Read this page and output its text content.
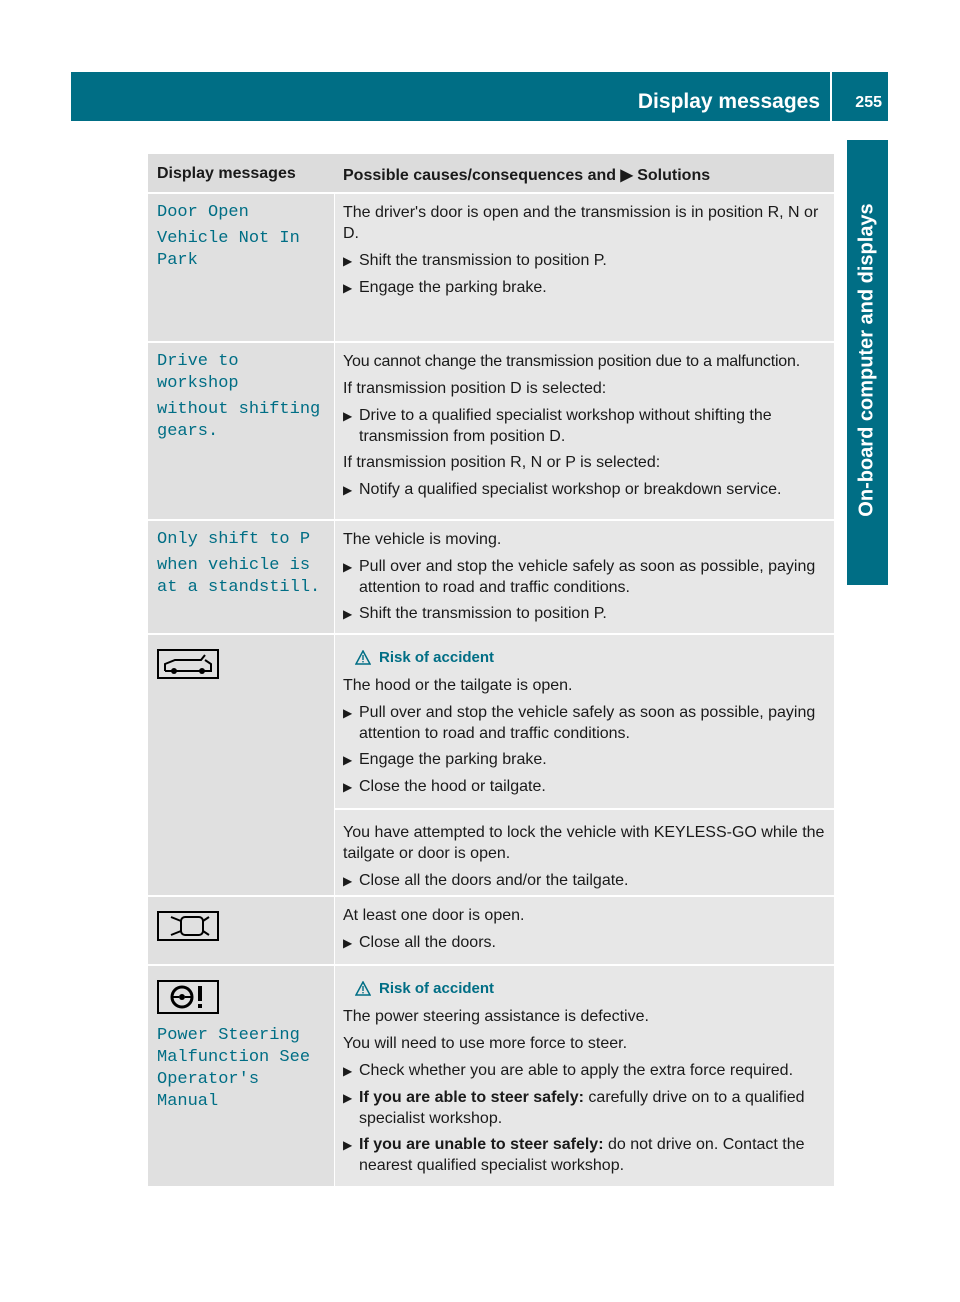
Display messages 255
On-board computer and displays
Display messages	Possible causes/consequences and ▶ Solutions

Door Open

Vehicle Not In Park

The driver's door is open and the transmission is in position R, N or D.

▶ Shift the transmission to position P.
▶ Engage the parking brake.

Drive to workshop

without shifting gears.

You cannot change the transmission position due to a malfunction.

If transmission position D is selected:

▶ Drive to a qualified specialist workshop without shifting the transmission from position D.

If transmission position R, N or P is selected:

▶ Notify a qualified specialist workshop or breakdown service.

Only shift to P

when vehicle is at a standstill.

The vehicle is moving.

▶ Pull over and stop the vehicle safely as soon as possible, paying attention to road and traffic conditions.
▶ Shift the transmission to position P.
Risk of accident

The hood or the tailgate is open.

▶ Pull over and stop the vehicle safely as soon as possible, paying attention to road and traffic conditions.
▶ Engage the parking brake.
▶ Close the hood or tailgate.

You have attempted to lock the vehicle with KEYLESS-GO while the tailgate or door is open.

▶ Close all the doors and/or the tailgate.

At least one door is open.

▶ Close all the doors.
Power Steering
Malfunction See
Operator's Manual
Risk of accident

The power steering assistance is defective.

You will need to use more force to steer.

▶ Check whether you are able to apply the extra force required.
▶ If you are able to steer safely: carefully drive on to a qualified specialist workshop.
▶ If you are unable to steer safely: do not drive on. Contact the nearest qualified specialist workshop.
